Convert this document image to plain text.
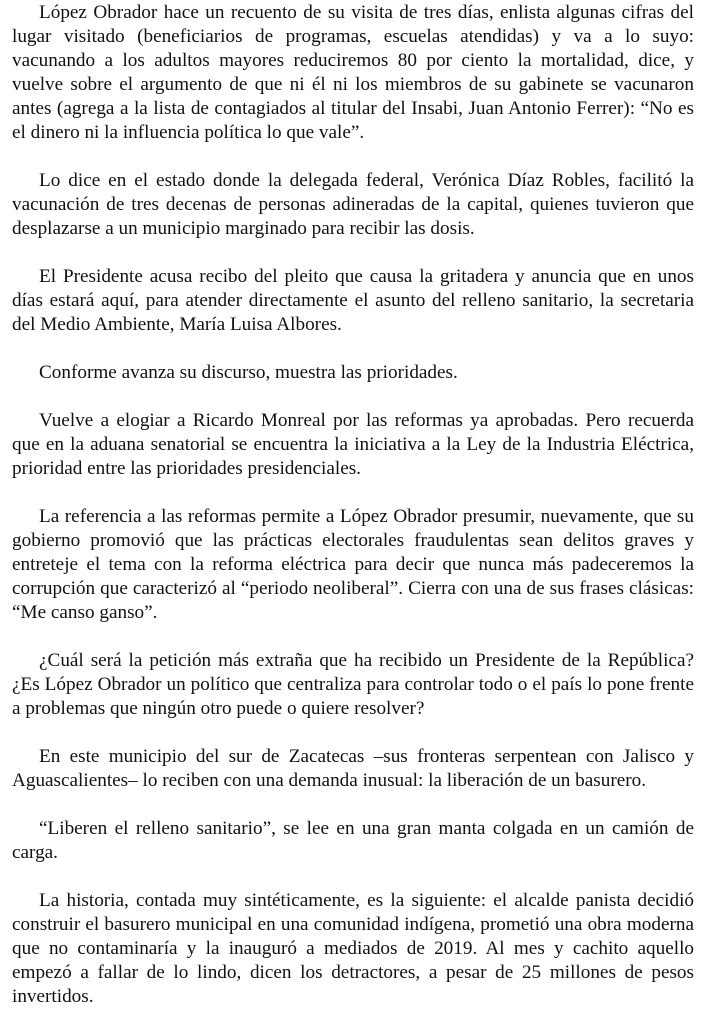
López Obrador hace un recuento de su visita de tres días, enlista algunas cifras del lugar visitado (beneficiarios de programas, escuelas atendidas) y va a lo suyo: vacunando a los adultos mayores reduciremos 80 por ciento la mortalidad, dice, y vuelve sobre el argumento de que ni él ni los miembros de su gabinete se vacunaron antes (agrega a la lista de contagiados al titular del Insabi, Juan Antonio Ferrer): “No es el dinero ni la influencia política lo que vale”.

Lo dice en el estado donde la delegada federal, Verónica Díaz Robles, facilitó la vacunación de tres decenas de personas adineradas de la capital, quienes tuvieron que desplazarse a un municipio marginado para recibir las dosis.

El Presidente acusa recibo del pleito que causa la gritadera y anuncia que en unos días estará aquí, para atender directamente el asunto del relleno sanitario, la secretaria del Medio Ambiente, María Luisa Albores.

Conforme avanza su discurso, muestra las prioridades.

Vuelve a elogiar a Ricardo Monreal por las reformas ya aprobadas. Pero recuerda que en la aduana senatorial se encuentra la iniciativa a la Ley de la Industria Eléctrica, prioridad entre las prioridades presidenciales.

La referencia a las reformas permite a López Obrador presumir, nuevamente, que su gobierno promovió que las prácticas electorales fraudulentas sean delitos graves y entreteje el tema con la reforma eléctrica para decir que nunca más padeceremos la corrupción que caracterizó al “periodo neoliberal”. Cierra con una de sus frases clásicas: “Me canso ganso”.

¿Cuál será la petición más extraña que ha recibido un Presidente de la República? ¿Es López Obrador un político que centraliza para controlar todo o el país lo pone frente a problemas que ningún otro puede o quiere resolver?

En este municipio del sur de Zacatecas –sus fronteras serpentean con Jalisco y Aguascalientes– lo reciben con una demanda inusual: la liberación de un basurero.

“Liberen el relleno sanitario”, se lee en una gran manta colgada en un camión de carga.

La historia, contada muy sintéticamente, es la siguiente: el alcalde panista decidió construir el basurero municipal en una comunidad indígena, prometió una obra moderna que no contaminaría y la inauguró a mediados de 2019. Al mes y cachito aquello empezó a fallar de lo lindo, dicen los detractores, a pesar de 25 millones de pesos invertidos.
